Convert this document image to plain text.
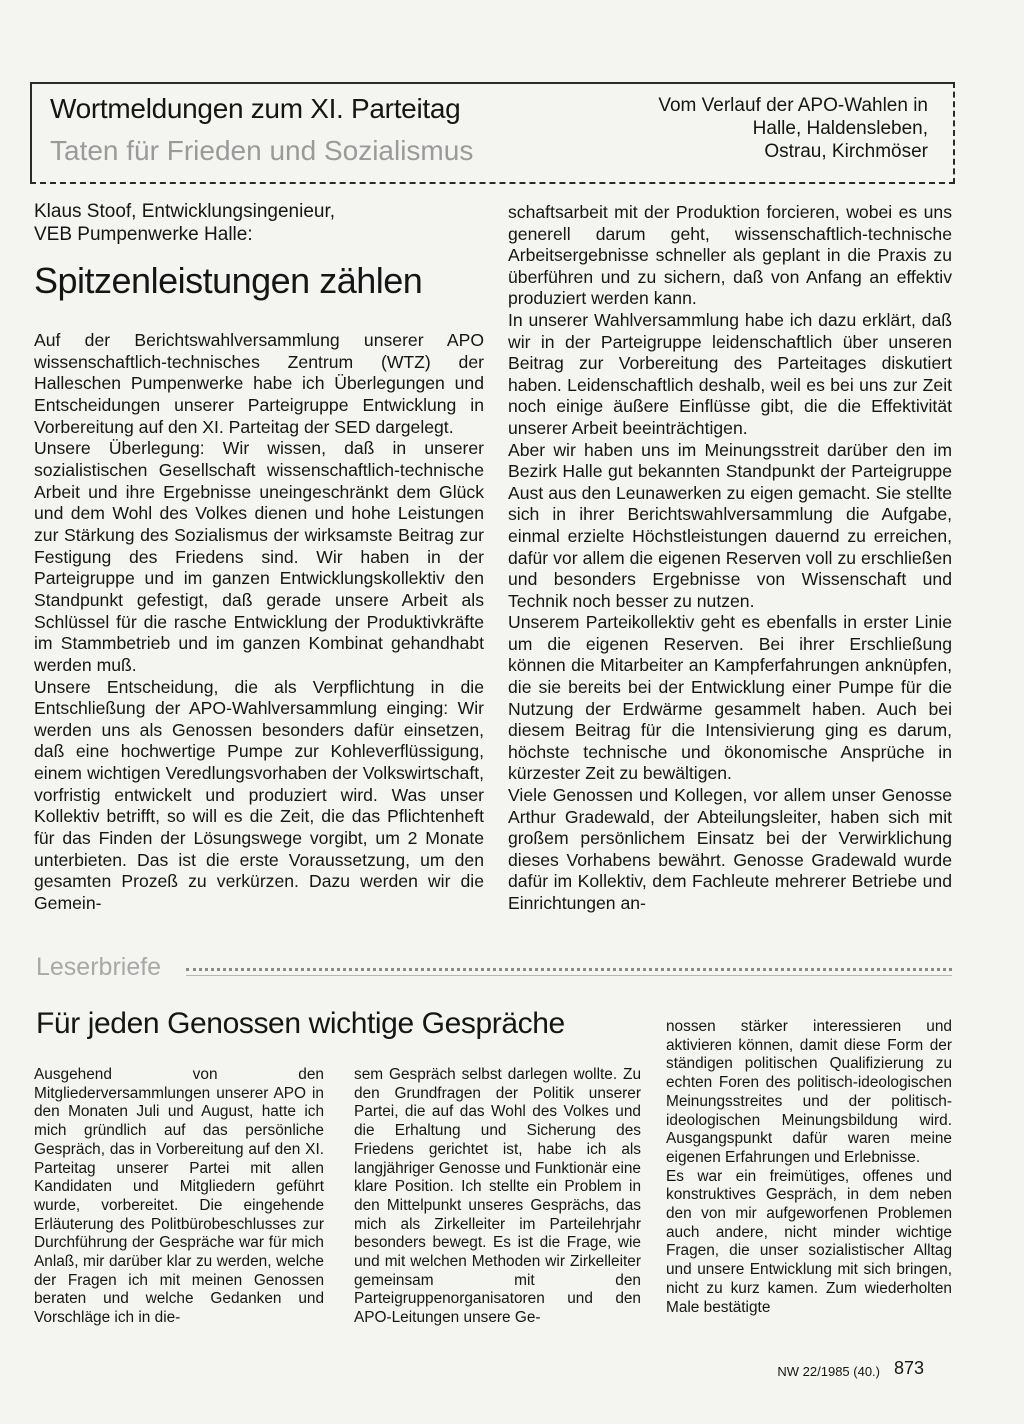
Wortmeldungen zum XI. Parteitag
Taten für Frieden und Sozialismus
Vom Verlauf der APO-Wahlen in
Halle, Haldensleben,
Ostrau, Kirchmöser
Klaus Stoof, Entwicklungsingenieur,
VEB Pumpenwerke Halle:
Spitzenleistungen zählen

Auf der Berichtswahlversammlung unserer APO wissenschaftlich-technisches Zentrum (WTZ) der Halleschen Pumpenwerke habe ich Überlegungen und Entscheidungen unserer Parteigruppe Entwicklung in Vorbereitung auf den XI. Parteitag der SED dargelegt.

Unsere Überlegung: Wir wissen, daß in unserer sozialistischen Gesellschaft wissenschaftlich-technische Arbeit und ihre Ergebnisse uneingeschränkt dem Glück und dem Wohl des Volkes dienen und hohe Leistungen zur Stärkung des Sozialismus der wirksamste Beitrag zur Festigung des Friedens sind. Wir haben in der Parteigruppe und im ganzen Entwicklungskollektiv den Standpunkt gefestigt, daß gerade unsere Arbeit als Schlüssel für die rasche Entwicklung der Produktivkräfte im Stammbetrieb und im ganzen Kombinat gehandhabt werden muß.

Unsere Entscheidung, die als Verpflichtung in die Entschließung der APO-Wahlversammlung einging: Wir werden uns als Genossen besonders dafür einsetzen, daß eine hochwertige Pumpe zur Kohleverflüssigung, einem wichtigen Veredlungsvorhaben der Volkswirtschaft, vorfristig entwickelt und produziert wird. Was unser Kollektiv betrifft, so will es die Zeit, die das Pflichtenheft für das Finden der Lösungswege vorgibt, um 2 Monate unterbieten. Das ist die erste Voraussetzung, um den gesamten Prozeß zu verkürzen. Dazu werden wir die Gemein-

schaftsarbeit mit der Produktion forcieren, wobei es uns generell darum geht, wissenschaftlich-technische Arbeitsergebnisse schneller als geplant in die Praxis zu überführen und zu sichern, daß von Anfang an effektiv produziert werden kann.

In unserer Wahlversammlung habe ich dazu erklärt, daß wir in der Parteigruppe leidenschaftlich über unseren Beitrag zur Vorbereitung des Parteitages diskutiert haben. Leidenschaftlich deshalb, weil es bei uns zur Zeit noch einige äußere Einflüsse gibt, die die Effektivität unserer Arbeit beeinträchtigen.

Aber wir haben uns im Meinungsstreit darüber den im Bezirk Halle gut bekannten Standpunkt der Parteigruppe Aust aus den Leunawerken zu eigen gemacht. Sie stellte sich in ihrer Berichtswahlversammlung die Aufgabe, einmal erzielte Höchstleistungen dauernd zu erreichen, dafür vor allem die eigenen Reserven voll zu erschließen und besonders Ergebnisse von Wissenschaft und Technik noch besser zu nutzen.

Unserem Parteikollektiv geht es ebenfalls in erster Linie um die eigenen Reserven. Bei ihrer Erschließung können die Mitarbeiter an Kampferfahrungen anknüpfen, die sie bereits bei der Entwicklung einer Pumpe für die Nutzung der Erdwärme gesammelt haben. Auch bei diesem Beitrag für die Intensivierung ging es darum, höchste technische und ökonomische Ansprüche in kürzester Zeit zu bewältigen.

Viele Genossen und Kollegen, vor allem unser Genosse Arthur Gradewald, der Abteilungsleiter, haben sich mit großem persönlichem Einsatz bei der Verwirklichung dieses Vorhabens bewährt. Genosse Gradewald wurde dafür im Kollektiv, dem Fachleute mehrerer Betriebe und Einrichtungen an-

Leserbriefe
Für jeden Genossen wichtige Gespräche

Ausgehend von den Mitgliederversammlungen unserer APO in den Monaten Juli und August, hatte ich mich gründlich auf das persönliche Gespräch, das in Vorbereitung auf den XI. Parteitag unserer Partei mit allen Kandidaten und Mitgliedern geführt wurde, vorbereitet. Die eingehende Erläuterung des Politbürobeschlusses zur Durchführung der Gespräche war für mich Anlaß, mir darüber klar zu werden, welche der Fragen ich mit meinen Genossen beraten und welche Gedanken und Vorschläge ich in die-

sem Gespräch selbst darlegen wollte. Zu den Grundfragen der Politik unserer Partei, die auf das Wohl des Volkes und die Erhaltung und Sicherung des Friedens gerichtet ist, habe ich als langjähriger Genosse und Funktionär eine klare Position. Ich stellte ein Problem in den Mittelpunkt unseres Gesprächs, das mich als Zirkelleiter im Parteilehrjahr besonders bewegt. Es ist die Frage, wie und mit welchen Methoden wir Zirkelleiter gemeinsam mit den Parteigruppenorganisatoren und den APO-Leitungen unsere Ge-

nossen stärker interessieren und aktivieren können, damit diese Form der ständigen politischen Qualifizierung zu echten Foren des politisch-ideologischen Meinungsstreites und der politisch-ideologischen Meinungsbildung wird. Ausgangspunkt dafür waren meine eigenen Erfahrungen und Erlebnisse.

Es war ein freimütiges, offenes und konstruktives Gespräch, in dem neben den von mir aufgeworfenen Problemen auch andere, nicht minder wichtige Fragen, die unser sozialistischer Alltag und unsere Entwicklung mit sich bringen, nicht zu kurz kamen. Zum wiederholten Male bestätigte

NW 22/1985 (40.) 873
